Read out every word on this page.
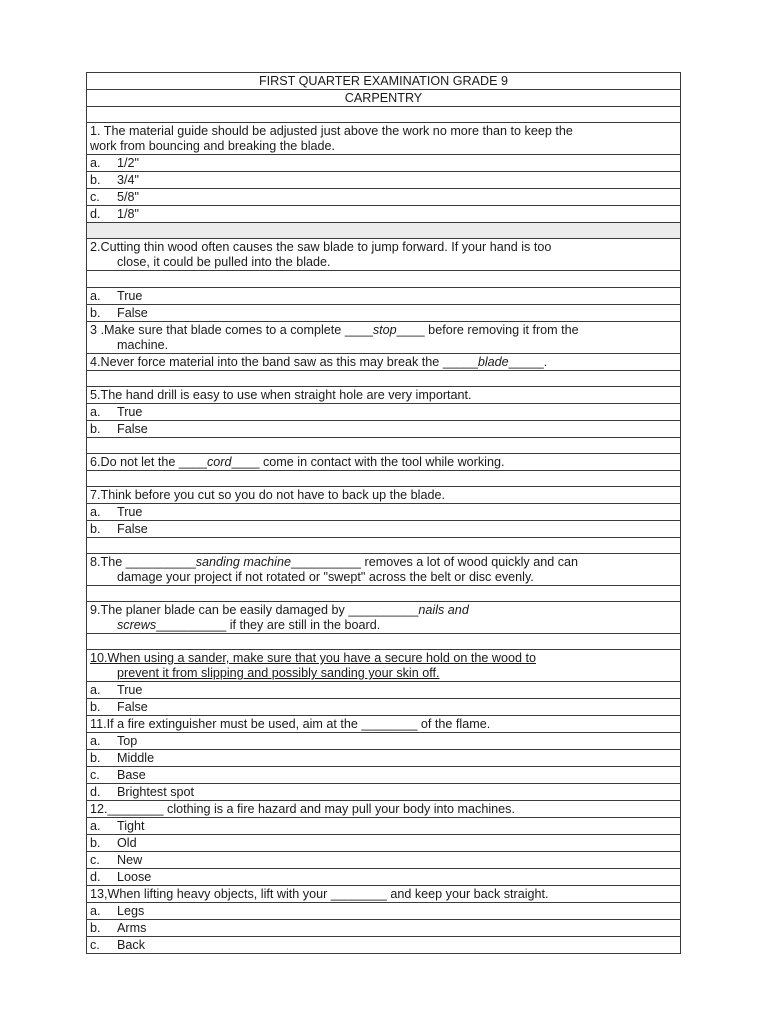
FIRST QUARTER EXAMINATION GRADE 9
CARPENTRY
1. The material guide should be adjusted just above the work no more than to keep the
work from bouncing and breaking the blade.
a. 1/2"
b. 3/4"
c. 5/8"
d. 1/8"
2.Cutting thin wood often causes the saw blade to jump forward. If your hand is too
close, it could be pulled into the blade.
a. True
b. False
3 .Make sure that blade comes to a complete ____stop____ before removing it from the
machine.
4.Never force material into the band saw as this may break the _____blade_____.
5.The hand drill is easy to use when straight hole are very important.
a. True
b. False
6.Do not let the ____cord____ come in contact with the tool while working.
7.Think before you cut so you do not have to back up the blade.
a. True
b. False
8.The __________sanding machine__________ removes a lot of wood quickly and can
damage your project if not rotated or "swept" across the belt or disc evenly.
9.The planer blade can be easily damaged by __________nails and
screws__________ if they are still in the board.
10.When using a sander, make sure that you have a secure hold on the wood to
prevent it from slipping and possibly sanding your skin off.
a. True
b. False
11.If a fire extinguisher must be used, aim at the ________ of the flame.
a. Top
b. Middle
c. Base
d. Brightest spot
12.________ clothing is a fire hazard and may pull your body into machines.
a. Tight
b. Old
c. New
d. Loose
13,When lifting heavy objects, lift with your ________ and keep your back straight.
a. Legs
b. Arms
c. Back
